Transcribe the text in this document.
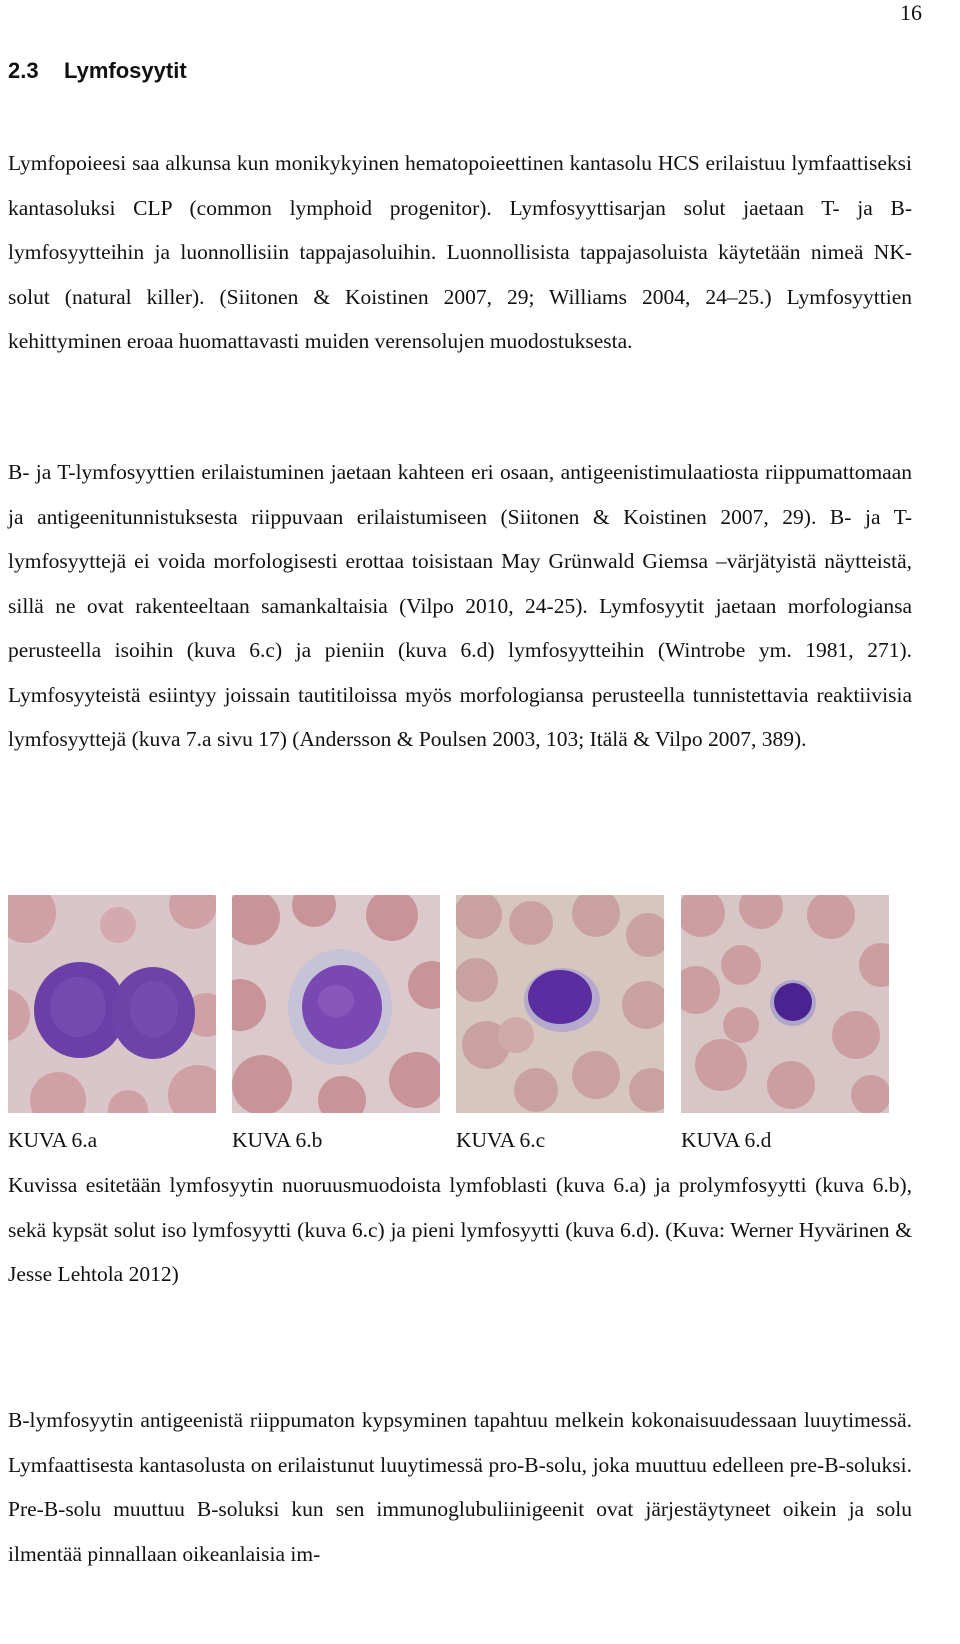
16
2.3 Lymfosyytit

Lymfopoieesi saa alkunsa kun monikykyinen hematopoieettinen kantasolu HCS erilaistuu lymfaattiseksi kantasoluksi CLP (common lymphoid progenitor). Lymfosyyttisarjan solut jaetaan T- ja B-lymfosyytteihin ja luonnollisiin tappajasoluihin. Luonnollisista tappajasoluista käytetään nimeä NK-solut (natural killer). (Siitonen & Koistinen 2007, 29; Williams 2004, 24–25.) Lymfosyyttien kehittyminen eroaa huomattavasti muiden verensolujen muodostuksesta.

B- ja T-lymfosyyttien erilaistuminen jaetaan kahteen eri osaan, antigeenistimulaatiosta riippumattomaan ja antigeenitunnistuksesta riippuvaan erilaistumiseen (Siitonen & Koistinen 2007, 29). B- ja T-lymfosyyttejä ei voida morfologisesti erottaa toisistaan May Grünwald Giemsa –värjätyistä näytteistä, sillä ne ovat rakenteeltaan samankaltaisia (Vilpo 2010, 24-25). Lymfosyytit jaetaan morfologiansa perusteella isoihin (kuva 6.c) ja pieniin (kuva 6.d) lymfosyytteihin (Wintrobe ym. 1981, 271). Lymfosyyteistä esiintyy joissain tautitiloissa myös morfologiansa perusteella tunnistettavia reaktiivisia lymfosyyttejä (kuva 7.a sivu 17) (Andersson & Poulsen 2003, 103; Itälä & Vilpo 2007, 389).

KUVA 6.a	KUVA 6.b	KUVA 6.c	KUVA 6.d

Kuvissa esitetään lymfosyytin nuoruusmuodoista lymfoblasti (kuva 6.a) ja prolymfosyytti (kuva 6.b), sekä kypsät solut iso lymfosyytti (kuva 6.c) ja pieni lymfosyytti (kuva 6.d). (Kuva: Werner Hyvärinen & Jesse Lehtola 2012)

B-lymfosyytin antigeenistä riippumaton kypsyminen tapahtuu melkein kokonaisuudessaan luuytimessä. Lymfaattisesta kantasolusta on erilaistunut luuytimessä pro-B-solu, joka muuttuu edelleen pre-B-soluksi. Pre-B-solu muuttuu B-soluksi kun sen immunoglubuliinigeenit ovat järjestäytyneet oikein ja solu ilmentää pinnallaan oikeanlaisia im-
